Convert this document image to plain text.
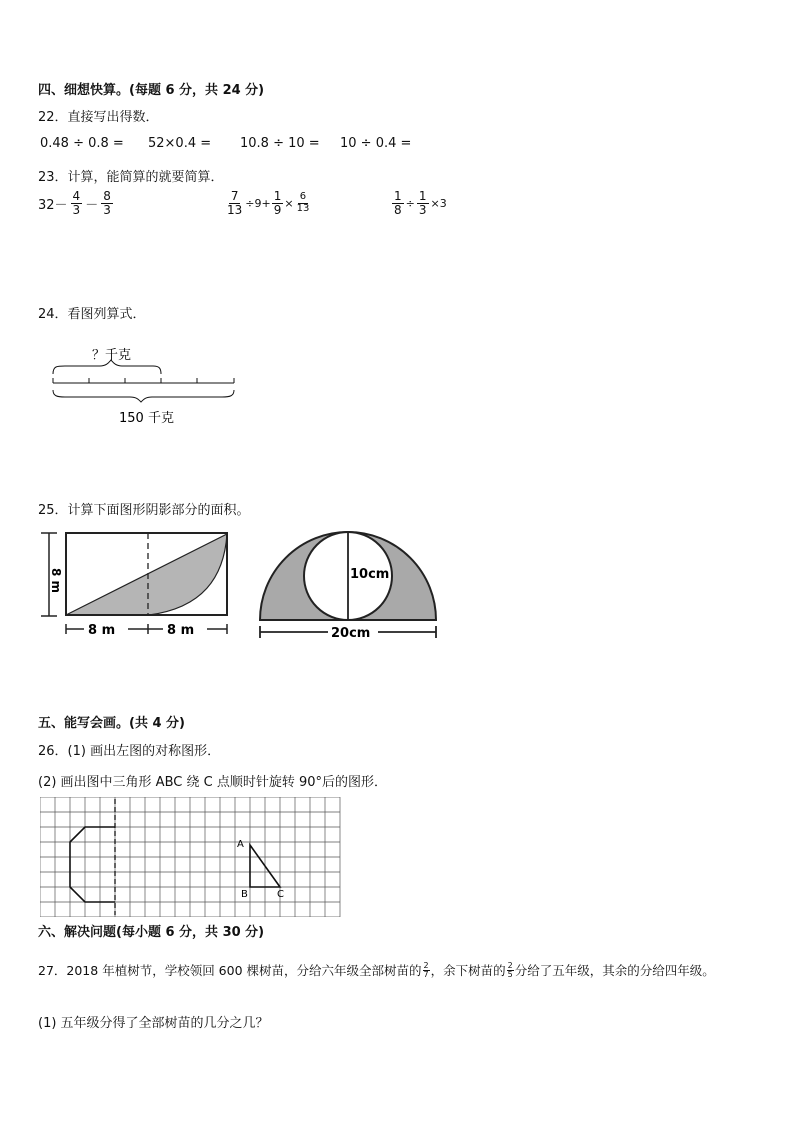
四、细想快算。(每题 6 分，共 24 分)
22．直接写出得数．
0.48 ÷ 0.8 = 52×0.4 = 10.8 ÷ 10 = 10 ÷ 0.4 =
23．计算，能简算的就要简算．
$32- \frac{4}{3} - \frac{8}{3}$	$\frac{7}{13} \div 9+ \frac{1}{9} \times \frac{6}{13}$	$\frac{1}{8} \div \frac{1}{3} \times 3$
24．看图列算式．
？千克
150 千克
25．计算下面图形阴影部分的面积。
8 m
8 m	8 m
10cm
20cm
五、能写会画。(共 4 分)
26．(1) 画出左图的对称图形．
(2) 画出图中三角形 ABC 绕 C 点顺时针旋转 90°后的图形．
A
B	C
六、解决问题(每小题 6 分，共 30 分)
27．2018 年植树节，学校领回 600 棵树苗，分给六年级全部树苗的 2
7 ，余下树苗的 2
5 分给了五年级，其余的分给四年级。
(1) 五年级分得了全部树苗的几分之几？
